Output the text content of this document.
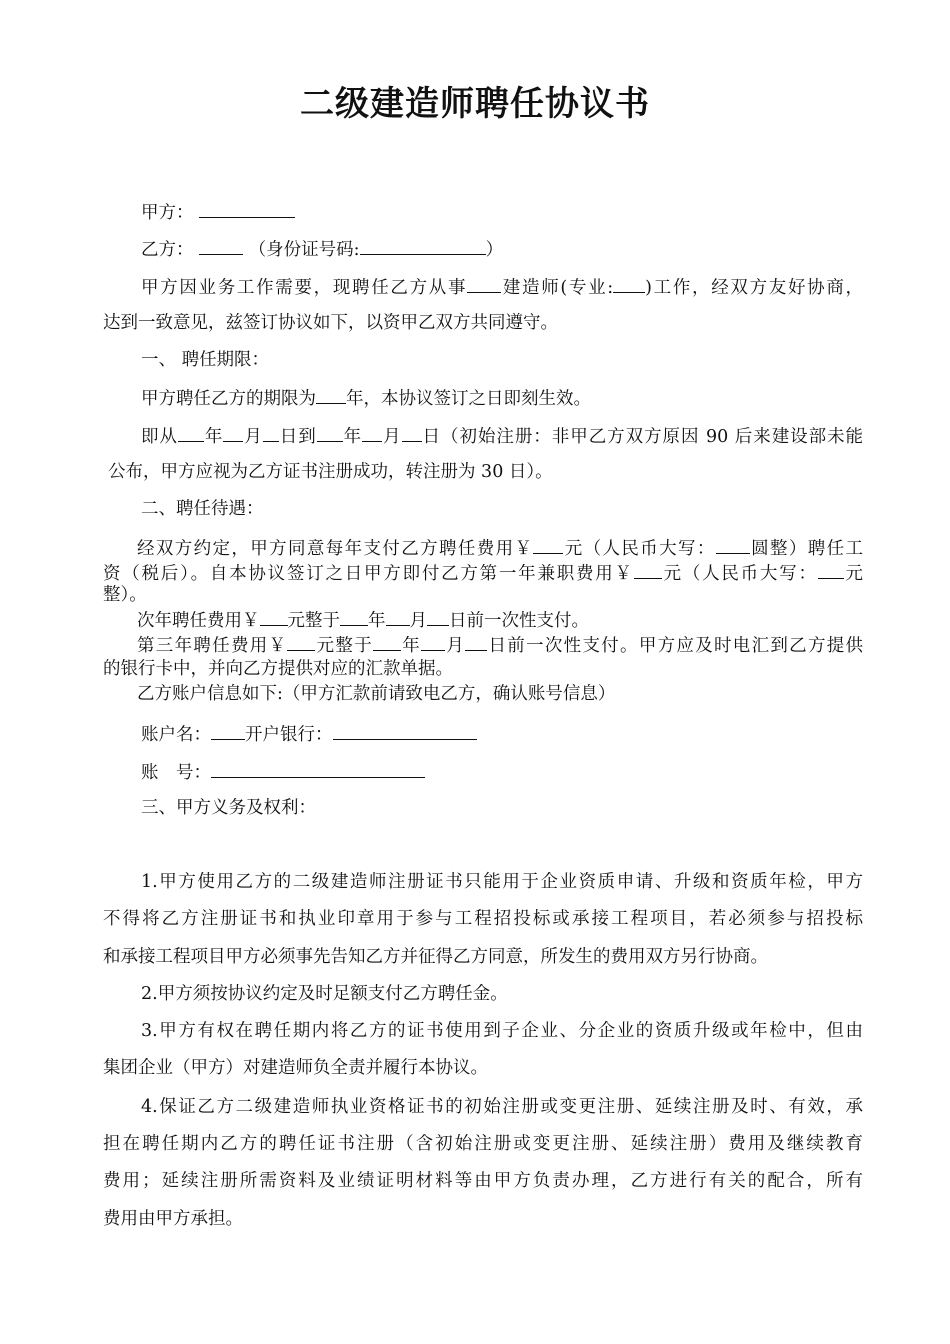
二级建造师聘任协议书
甲方：
乙方：	（身份证号码:	）
甲方因业务工作需要，现聘任乙方从事 建造师(专业: )工作，经双方友好协商，
达到一致意见，兹签订协议如下，以资甲乙双方共同遵守。
一、 聘任期限：
甲方聘任乙方的期限为 年，本协议签订之日即刻生效。
即从 年 月 日到 年 月 日（初始注册：非甲乙方双方原因 90 后来建设部未能
公布，甲方应视为乙方证书注册成功，转注册为 30 日）。
二、聘任待遇：
经双方约定，甲方同意每年支付乙方聘任费用￥ 元（人民币大写： 圆整）聘任工
资（税后）。自本协议签订之日甲方即付乙方第一年兼职费用￥ 元（人民币大写： 元
整）。
次年聘任费用￥ 元整于 年 月 日前一次性支付。
第三年聘任费用￥ 元整于 年 月 日前一次性支付。甲方应及时电汇到乙方提供
的银行卡中，并向乙方提供对应的汇款单据。
乙方账户信息如下:（甲方汇款前请致电乙方，确认账号信息）
账户名： 开户银行：
账　号：
三、甲方义务及权利：
1.甲方使用乙方的二级建造师注册证书只能用于企业资质申请、升级和资质年检，甲方
不得将乙方注册证书和执业印章用于参与工程招投标或承接工程项目，若必须参与招投标
和承接工程项目甲方必须事先告知乙方并征得乙方同意，所发生的费用双方另行协商。
2.甲方须按协议约定及时足额支付乙方聘任金。
3.甲方有权在聘任期内将乙方的证书使用到子企业、分企业的资质升级或年检中，但由
集团企业（甲方）对建造师负全责并履行本协议。
4.保证乙方二级建造师执业资格证书的初始注册或变更注册、延续注册及时、有效，承
担在聘任期内乙方的聘任证书注册（含初始注册或变更注册、延续注册）费用及继续教育
费用；延续注册所需资料及业绩证明材料等由甲方负责办理，乙方进行有关的配合，所有
费用由甲方承担。
